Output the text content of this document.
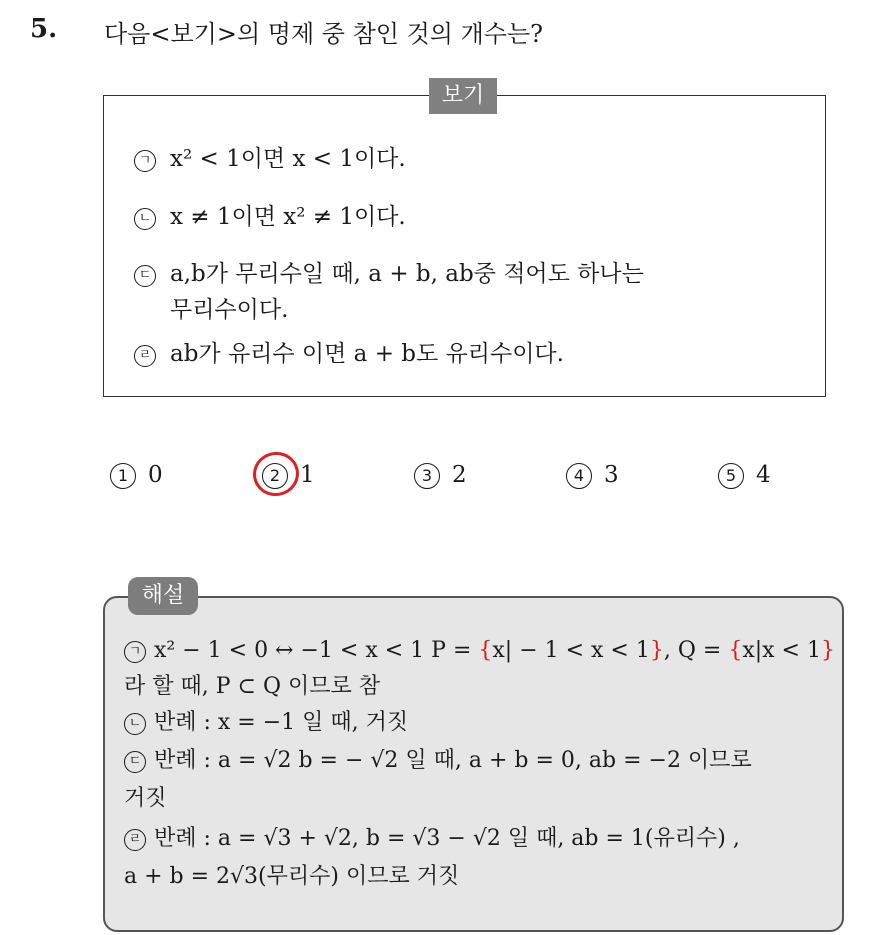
5. 다음<보기>의 명제 중 참인 것의 개수는?
보기
ㄱ x² < 1이면 x < 1이다.
ㄴ x ≠ 1이면 x² ≠ 1이다.
ㄷ a,b가 무리수일 때, a + b, ab중 적어도 하나는
무리수이다.
ㄹ ab가 유리수 이면 a + b도 유리수이다.
1 0	2 1	3 2	4 3	5 4
해설
ㄱ x² − 1 < 0 ↔ −1 < x < 1 P = {x| − 1 < x < 1}, Q = {x|x < 1}
라 할 때, P ⊂ Q 이므로 참
ㄴ 반례 : x = −1 일 때, 거짓
ㄷ 반례 : a = √2 b = − √2 일 때, a + b = 0, ab = −2 이므로
거짓
ㄹ 반례 : a = √3 + √2, b = √3 − √2 일 때, ab = 1(유리수) ,
a + b = 2√3(무리수) 이므로 거짓
